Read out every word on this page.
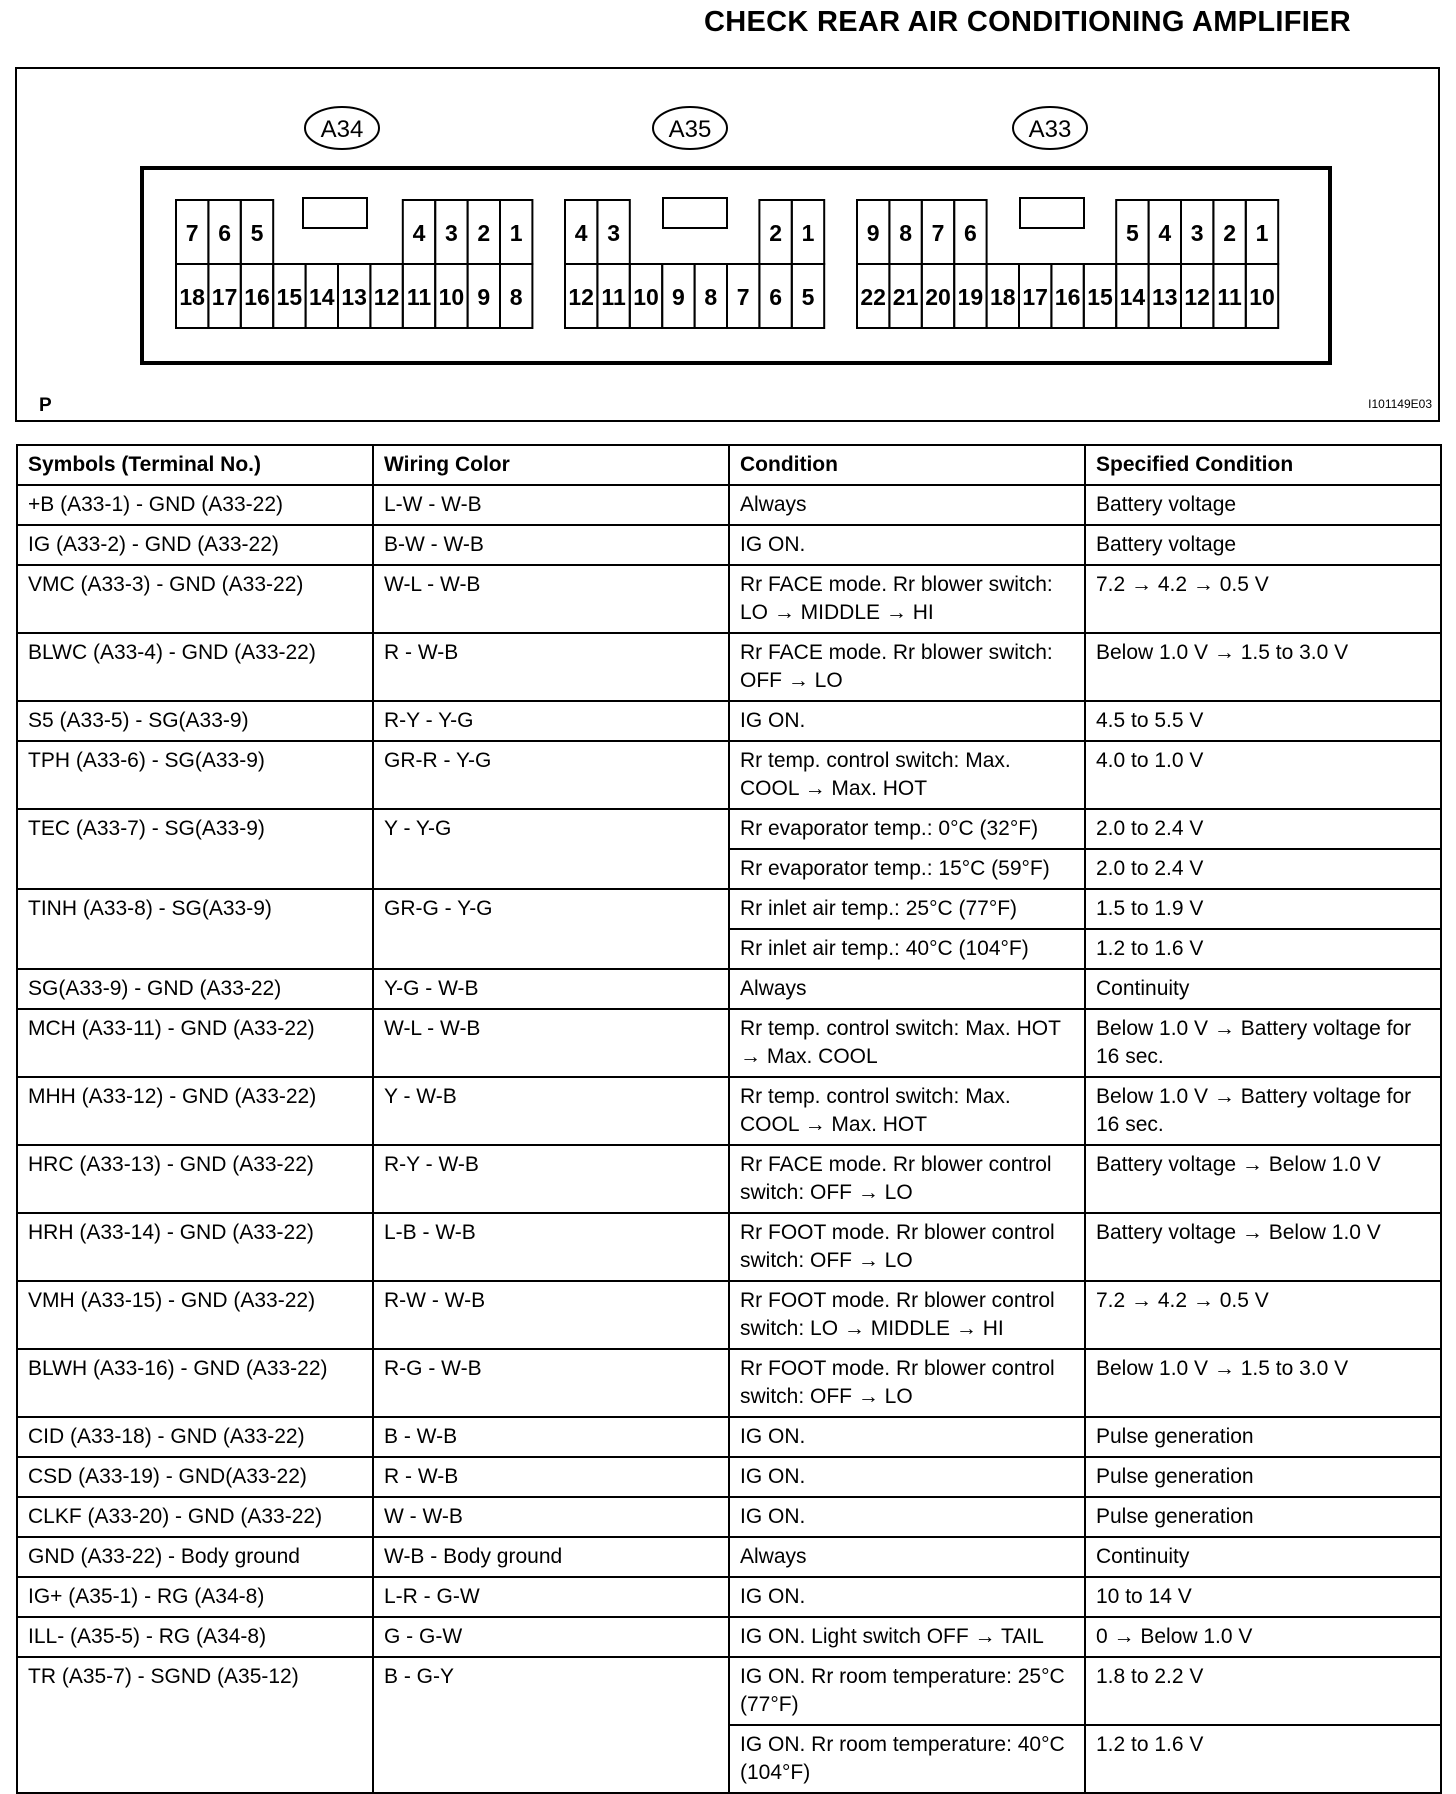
CHECK REAR AIR CONDITIONING AMPLIFIER
A34
18 17 16 15 14 13 12 11 10 9 8
7 6 5	4 3 2 1
A35
12 11 10 9 8 7 6 5
4 3	2 1
A33
22 21 20 19 18 17 16 15 14 13 12 11 10
9 8 7 6	5 4 3 2 1
P	I101149E03
Symbols (Terminal No.)	Wiring Color	Condition	Specified Condition
+B (A33-1) - GND (A33-22)	L-W - W-B	Always	Battery voltage
IG (A33-2) - GND (A33-22)	B-W - W-B	IG ON.	Battery voltage
VMC (A33-3) - GND (A33-22)	W-L - W-B	Rr FACE mode. Rr blower switch: LO → MIDDLE → HI	7.2 → 4.2 → 0.5 V
BLWC (A33-4) - GND (A33-22)	R - W-B	Rr FACE mode. Rr blower switch: OFF → LO	Below 1.0 V → 1.5 to 3.0 V
S5 (A33-5) - SG(A33-9)	R-Y - Y-G	IG ON.	4.5 to 5.5 V
TPH (A33-6) - SG(A33-9)	GR-R - Y-G	Rr temp. control switch: Max. COOL → Max. HOT	4.0 to 1.0 V
TEC (A33-7) - SG(A33-9)	Y - Y-G	Rr evaporator temp.: 0°C (32°F)	2.0 to 2.4 V
		Rr evaporator temp.: 15°C (59°F)	2.0 to 2.4 V
TINH (A33-8) - SG(A33-9)	GR-G - Y-G	Rr inlet air temp.: 25°C (77°F)	1.5 to 1.9 V
		Rr inlet air temp.: 40°C (104°F)	1.2 to 1.6 V
SG(A33-9) - GND (A33-22)	Y-G - W-B	Always	Continuity
MCH (A33-11) - GND (A33-22)	W-L - W-B	Rr temp. control switch: Max. HOT → Max. COOL	Below 1.0 V → Battery voltage for 16 sec.
MHH (A33-12) - GND (A33-22)	Y - W-B	Rr temp. control switch: Max. COOL → Max. HOT	Below 1.0 V → Battery voltage for 16 sec.
HRC (A33-13) - GND (A33-22)	R-Y - W-B	Rr FACE mode. Rr blower control switch: OFF → LO	Battery voltage → Below 1.0 V
HRH (A33-14) - GND (A33-22)	L-B - W-B	Rr FOOT mode. Rr blower control switch: OFF → LO	Battery voltage → Below 1.0 V
VMH (A33-15) - GND (A33-22)	R-W - W-B	Rr FOOT mode. Rr blower control switch: LO → MIDDLE → HI	7.2 → 4.2 → 0.5 V
BLWH (A33-16) - GND (A33-22)	R-G - W-B	Rr FOOT mode. Rr blower control switch: OFF → LO	Below 1.0 V → 1.5 to 3.0 V
CID (A33-18) - GND (A33-22)	B - W-B	IG ON.	Pulse generation
CSD (A33-19) - GND(A33-22)	R - W-B	IG ON.	Pulse generation
CLKF (A33-20) - GND (A33-22)	W - W-B	IG ON.	Pulse generation
GND (A33-22) - Body ground	W-B - Body ground	Always	Continuity
IG+ (A35-1) - RG (A34-8)	L-R - G-W	IG ON.	10 to 14 V
ILL- (A35-5) - RG (A34-8)	G - G-W	IG ON. Light switch OFF → TAIL	0 → Below 1.0 V
TR (A35-7) - SGND (A35-12)	B - G-Y	IG ON. Rr room temperature: 25°C (77°F)	1.8 to 2.2 V
		IG ON. Rr room temperature: 40°C (104°F)	1.2 to 1.6 V
